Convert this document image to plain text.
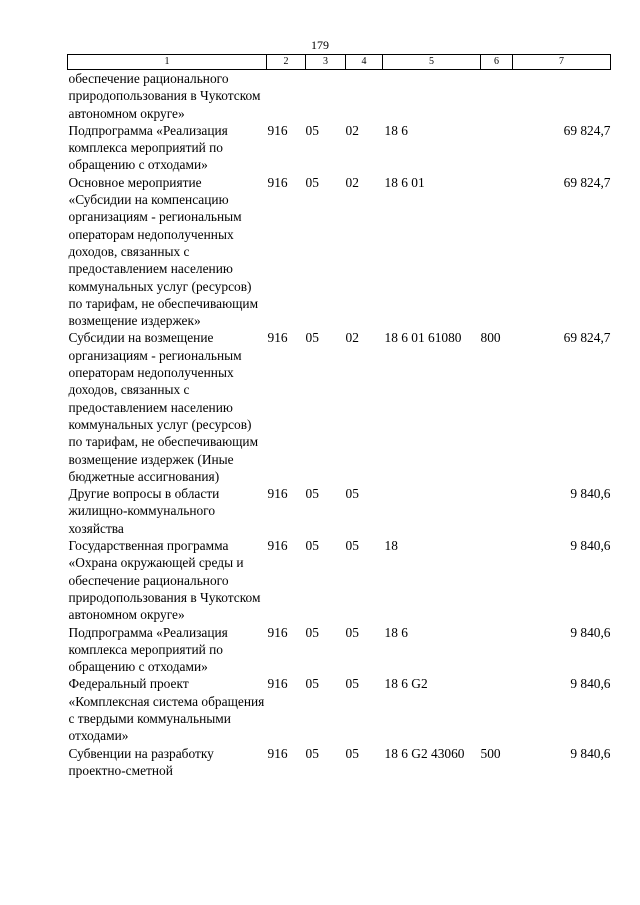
179
1	2	3	4	5	6	7
обеспечение рационального природопользования в Чукотском автономном округе»						
Подпрограмма «Реализация комплекса мероприятий по обращению с отходами»	916	05	02	18 6		69 824,7
Основное мероприятие «Субсидии на компенсацию организациям - региональным операторам недополученных доходов, связанных с предоставлением населению коммунальных услуг (ресурсов) по тарифам, не обеспечивающим возмещение издержек»	916	05	02	18 6 01		69 824,7
Субсидии на возмещение организациям - региональным операторам недополученных доходов, связанных с предоставлением населению коммунальных услуг (ресурсов) по тарифам, не обеспечивающим возмещение издержек (Иные бюджетные ассигнования)	916	05	02	18 6 01 61080	800	69 824,7
Другие вопросы в области жилищно-коммунального хозяйства	916	05	05			9 840,6
Государственная программа «Охрана окружающей среды и обеспечение рационального природопользования в Чукотском автономном округе»	916	05	05	18		9 840,6
Подпрограмма «Реализация комплекса мероприятий по обращению с отходами»	916	05	05	18 6		9 840,6
Федеральный проект «Комплексная система обращения с твердыми коммунальными отходами»	916	05	05	18 6 G2		9 840,6
Субвенции на разработку проектно-сметной	916	05	05	18 6 G2 43060	500	9 840,6
